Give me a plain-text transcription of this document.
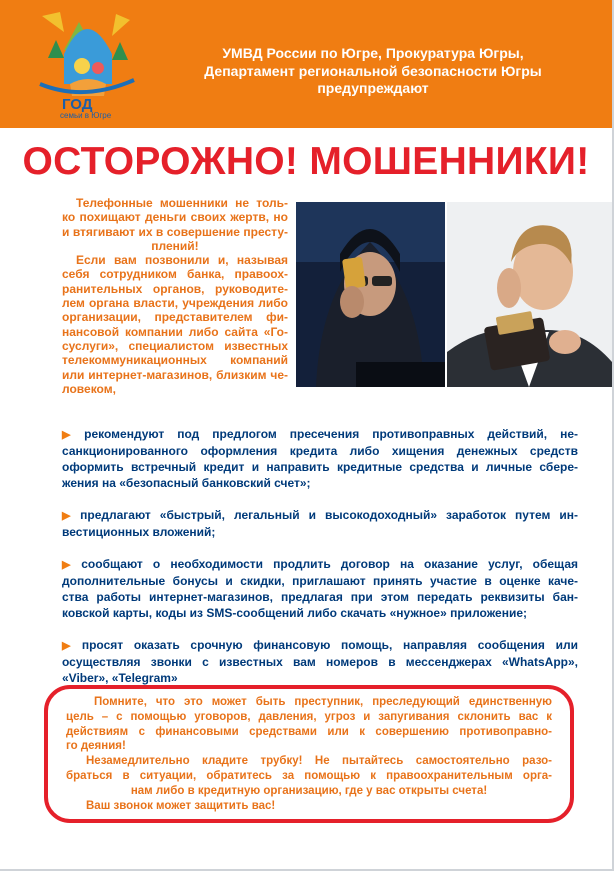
ГОД
семьи в Югре
УМВД России по Югре, Прокуратура Югры,
Департамент региональной безопасности Югры
предупреждают
ОСТОРОЖНО! МОШЕННИКИ!
Телефонные мошенники не толь-
ко похищают деньги своих жертв, но
и втягивают их в совершение престу-
плений!
Если вам позвонили и, называя
себя сотрудником банка, правоох-
ранительных органов, руководите-
лем органа власти, учреждения либо
организации, представителем фи-
нансовой компании либо сайта «Го-
суслуги», специалистом известных
телекоммуникационных компаний
или интернет-магазинов, близким че-
ловеком,
▶ рекомендуют под предлогом пресечения противоправных действий, не-
санкционированного оформления кредита либо хищения денежных средств
оформить встречный кредит и направить кредитные средства и личные сбере-
жения на «безопасный банковский счет»;
▶ предлагают «быстрый, легальный и высокодоходный» заработок путем ин-
вестиционных вложений;
▶ сообщают о необходимости продлить договор на оказание услуг, обещая
дополнительные бонусы и скидки, приглашают принять участие в оценке каче-
ства работы интернет-магазинов, предлагая при этом передать реквизиты бан-
ковской карты, коды из SMS-сообщений либо скачать «нужное» приложение;
▶ просят оказать срочную финансовую помощь, направляя сообщения или
осуществляя звонки с известных вам номеров в мессенджерах «WhatsApp»,
«Viber», «Telegram»
Помните, что это может быть преступник, преследующий единственную
цель – с помощью уговоров, давления, угроз и запугивания склонить вас к
действиям с финансовыми средствами или к совершению противоправно-
го деяния!
Незамедлительно кладите трубку! Не пытайтесь самостоятельно разо-
браться в ситуации, обратитесь за помощью к правоохранительным орга-
нам либо в кредитную организацию, где у вас открыты счета!
Ваш звонок может защитить вас!
